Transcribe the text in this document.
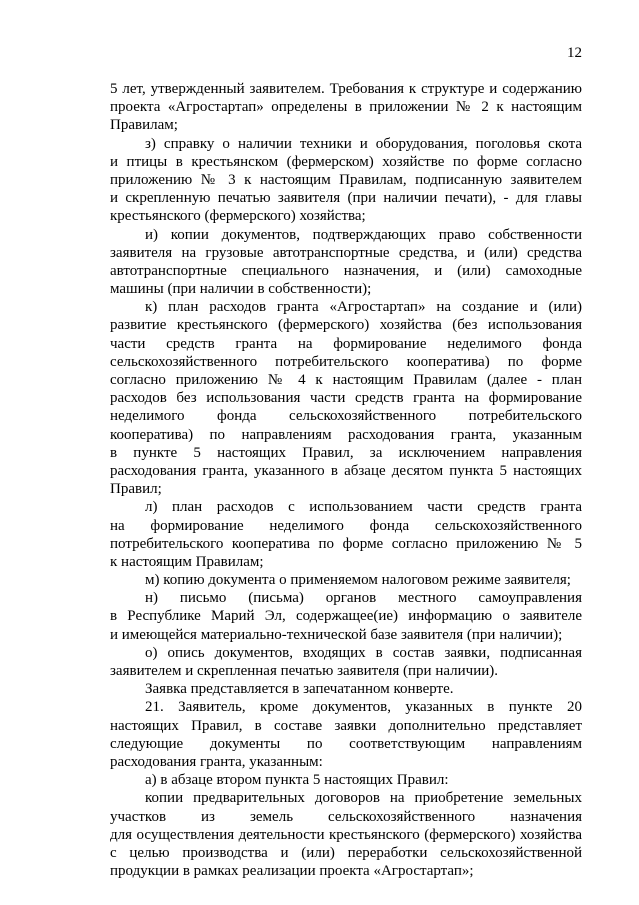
12
5 лет, утвержденный заявителем. Требования к структуре и содержанию
проекта «Агростартап» определены в приложении № 2 к настоящим
Правилам;
з) справку о наличии техники и оборудования, поголовья скота
и птицы в крестьянском (фермерском) хозяйстве по форме согласно
приложению № 3 к настоящим Правилам, подписанную заявителем
и скрепленную печатью заявителя (при наличии печати), - для главы
крестьянского (фермерского) хозяйства;
и) копии документов, подтверждающих право собственности
заявителя на грузовые автотранспортные средства, и (или) средства
автотранспортные специального назначения, и (или) самоходные
машины (при наличии в собственности);
к) план расходов гранта «Агростартап» на создание и (или)
развитие крестьянского (фермерского) хозяйства (без использования
части средств гранта на формирование неделимого фонда
сельскохозяйственного потребительского кооператива) по форме
согласно приложению № 4 к настоящим Правилам (далее - план
расходов без использования части средств гранта на формирование
неделимого фонда сельскохозяйственного потребительского
кооператива) по направлениям расходования гранта, указанным
в пункте 5 настоящих Правил, за исключением направления
расходования гранта, указанного в абзаце десятом пункта 5 настоящих
Правил;
л) план расходов с использованием части средств гранта
на формирование неделимого фонда сельскохозяйственного
потребительского кооператива по форме согласно приложению № 5
к настоящим Правилам;
м) копию документа о применяемом налоговом режиме заявителя;
н) письмо (письма) органов местного самоуправления
в Республике Марий Эл, содержащее(ие) информацию о заявителе
и имеющейся материально-технической базе заявителя (при наличии);
о) опись документов, входящих в состав заявки, подписанная
заявителем и скрепленная печатью заявителя (при наличии).
Заявка представляется в запечатанном конверте.
21. Заявитель, кроме документов, указанных в пункте 20
настоящих Правил, в составе заявки дополнительно представляет
следующие документы по соответствующим направлениям
расходования гранта, указанным:
а) в абзаце втором пункта 5 настоящих Правил:
копии предварительных договоров на приобретение земельных
участков из земель сельскохозяйственного назначения
для осуществления деятельности крестьянского (фермерского) хозяйства
с целью производства и (или) переработки сельскохозяйственной
продукции в рамках реализации проекта «Агростартап»;
